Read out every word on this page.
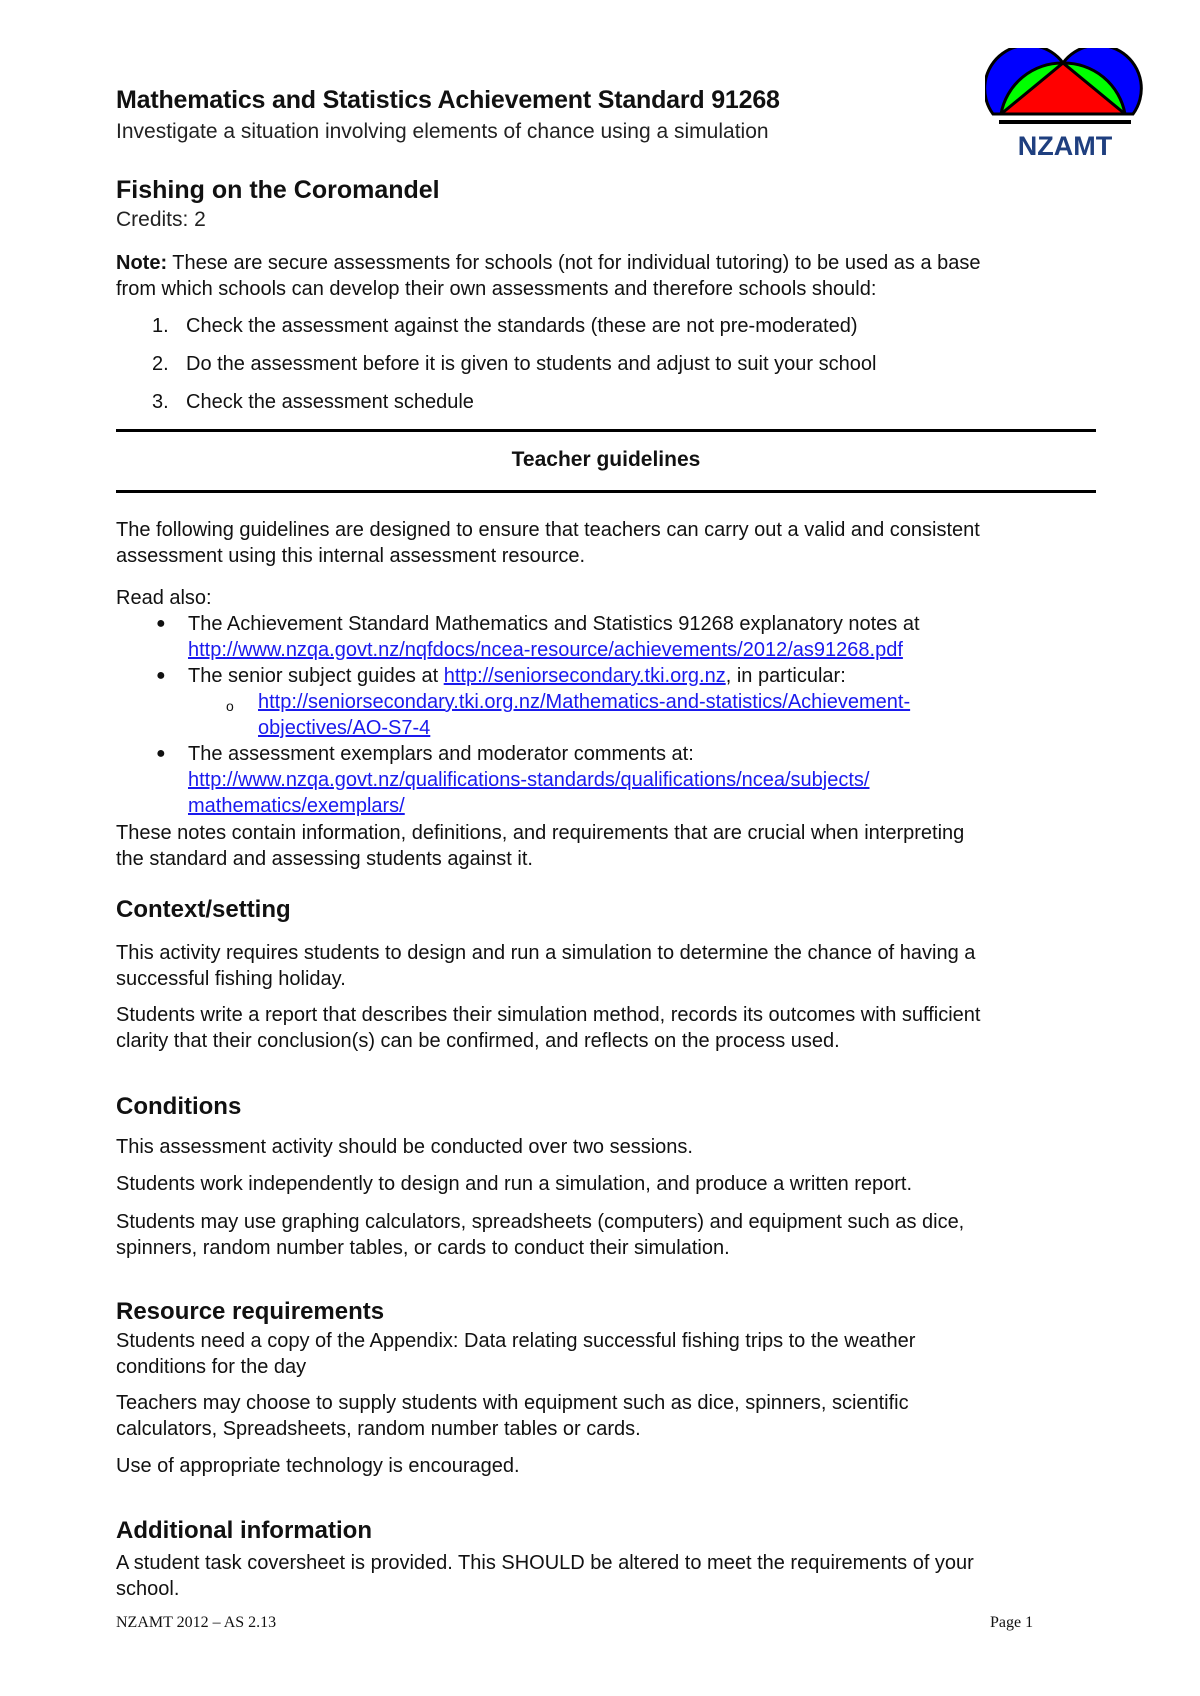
NZAMT
Mathematics and Statistics Achievement Standard 91268
Investigate a situation involving elements of chance using a simulation
Fishing on the Coromandel
Credits: 2
Note: These are secure assessments for schools (not for individual tutoring) to be used as a base
from which schools can develop their own assessments and therefore schools should:
1. Check the assessment against the standards (these are not pre-moderated)
2. Do the assessment before it is given to students and adjust to suit your school
3. Check the assessment schedule
Teacher guidelines
The following guidelines are designed to ensure that teachers can carry out a valid and consistent
assessment using this internal assessment resource.
Read also:
● The Achievement Standard Mathematics and Statistics 91268 explanatory notes at
http://www.nzqa.govt.nz/nqfdocs/ncea-resource/achievements/2012/as91268.pdf
● The senior subject guides at http://seniorsecondary.tki.org.nz, in particular:
o http://seniorsecondary.tki.org.nz/Mathematics-and-statistics/Achievement-
objectives/AO-S7-4
● The assessment exemplars and moderator comments at:
http://www.nzqa.govt.nz/qualifications-standards/qualifications/ncea/subjects/
mathematics/exemplars/
These notes contain information, definitions, and requirements that are crucial when interpreting
the standard and assessing students against it.
Context/setting
This activity requires students to design and run a simulation to determine the chance of having a
successful fishing holiday.
Students write a report that describes their simulation method, records its outcomes with sufficient
clarity that their conclusion(s) can be confirmed, and reflects on the process used.
Conditions
This assessment activity should be conducted over two sessions.
Students work independently to design and run a simulation, and produce a written report.
Students may use graphing calculators, spreadsheets (computers) and equipment such as dice,
spinners, random number tables, or cards to conduct their simulation.
Resource requirements
Students need a copy of the Appendix: Data relating successful fishing trips to the weather
conditions for the day
Teachers may choose to supply students with equipment such as dice, spinners, scientific
calculators, Spreadsheets, random number tables or cards.
Use of appropriate technology is encouraged.
Additional information
A student task coversheet is provided. This SHOULD be altered to meet the requirements of your
school.
NZAMT 2012 – AS 2.13	Page 1
